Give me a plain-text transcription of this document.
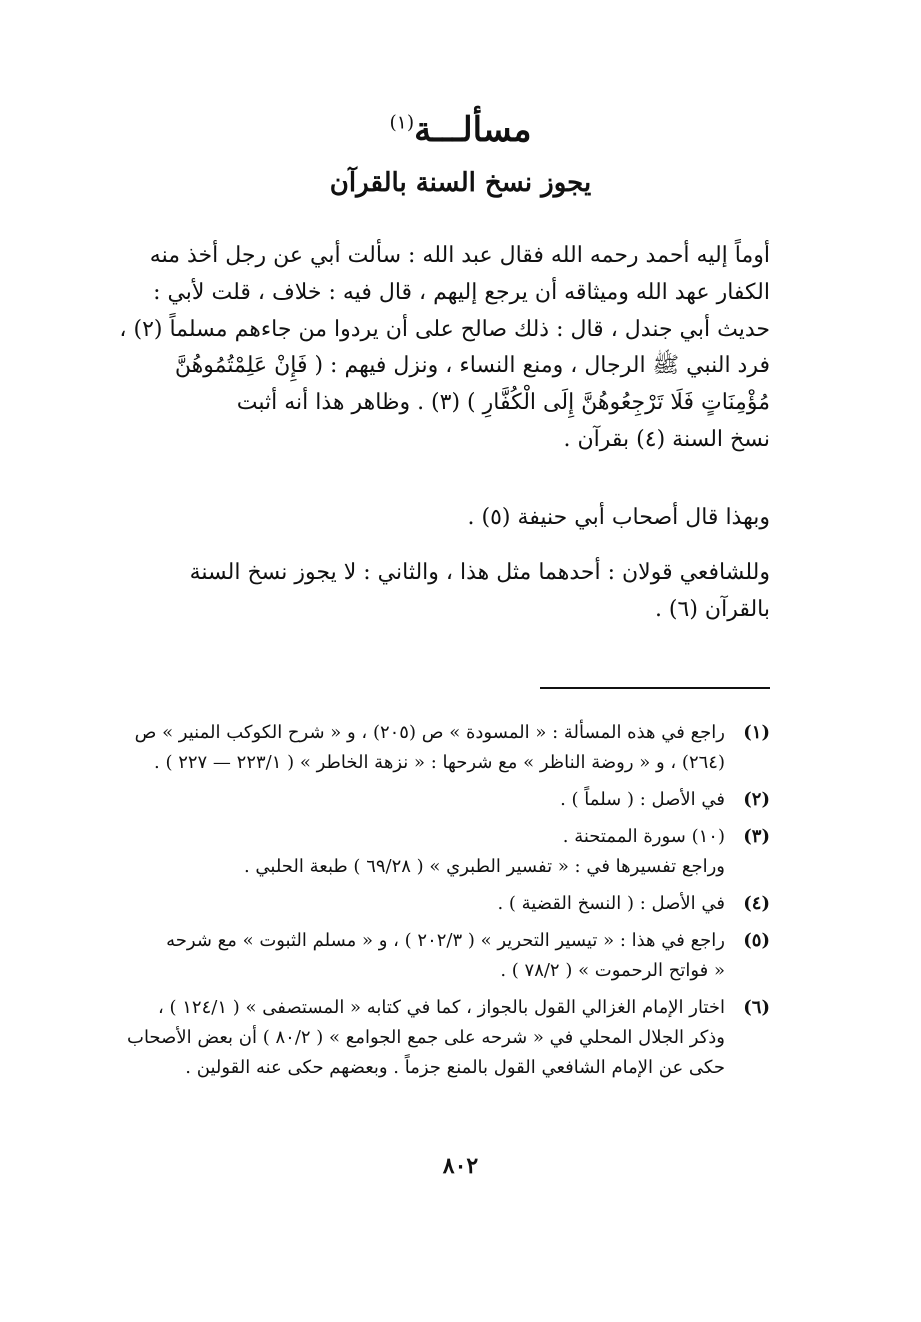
مسألـــة$^{(١)}$
يجوز نسخ السنة بالقرآن
أوماً إليه أحمد رحمه الله فقال عبد الله : سألت أبي عن رجل أخذ منه
الكفار عهد الله وميثاقه أن يرجع إليهم ، قال فيه : خلاف ، قلت لأبي :
حديث أبي جندل ، قال : ذلك صالح على أن يردوا من جاءهم مسلماً (٢) ،
فرد النبي ﷺ الرجال ، ومنع النساء ، ونزل فيهم : ( فَإِنْ عَلِمْتُمُوهُنَّ
مُؤْمِنَاتٍ فَلَا تَرْجِعُوهُنَّ إِلَى الْكُفَّارِ ) (٣) . وظاهر هذا أنه أثبت
نسخ السنة (٤) بقرآن .
وبهذا قال أصحاب أبي حنيفة (٥) .
وللشافعي قولان : أحدهما مثل هذا ، والثاني : لا يجوز نسخ السنة
بالقرآن (٦) .
(١)
راجع في هذه المسألة : « المسودة » ص (٢٠٥) ، و « شرح الكوكب المنير » ص
(٢٦٤) ، و « روضة الناظر » مع شرحها : « نزهة الخاطر » ( ٢٢٣/١ — ٢٢٧ ) .
(٢)
في الأصل : ( سلماً ) .
(٣)
(١٠) سورة الممتحنة .
وراجع تفسيرها في : « تفسير الطبري » ( ٦٩/٢٨ ) طبعة الحلبي .
(٤)
في الأصل : ( النسخ القضية ) .
(٥)
راجع في هذا : « تيسير التحرير » ( ٢٠٢/٣ ) ، و « مسلم الثبوت » مع شرحه
« فواتح الرحموت » ( ٧٨/٢ ) .
(٦)
اختار الإمام الغزالي القول بالجواز ، كما في كتابه « المستصفى » ( ١٢٤/١ ) ،
وذكر الجلال المحلي في « شرحه على جمع الجوامع » ( ٨٠/٢ ) أن بعض الأصحاب
حكى عن الإمام الشافعي القول بالمنع جزماً . وبعضهم حكى عنه القولين .
٨٠٢
